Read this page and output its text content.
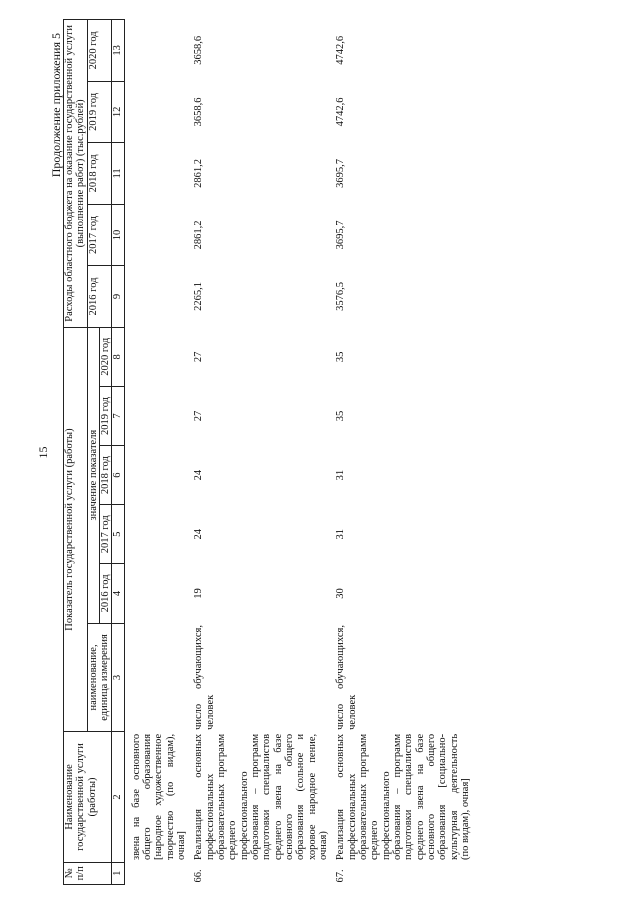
15
Продолжение приложения 5
№ п/п	Наименование государственной услуги (работы)	Показатель государственной услуги (работы)						Расходы областного бюджета на оказание государственной услуги (выполнение работ) (тыс.рублей)				
		наименование, единица измерения	значение показателя					2016 год	2017 год	2018 год	2019 год	2020 год
			2016 год	2017 год	2018 год	2019 год	2020 год					
1	2	3	4	5	6	7	8	9	10	11	12	13
	звена на базе основного общего образования [народное художественное творчество (по видам), очная]											
66.	Реализация основных профессиональных образовательных программ среднего профессионального образования – программ подготовки специалистов среднего звена на базе основного общего образования (сольное и хоровое народное пение, очная)	число обучающихся, человек	19	24	24	27	27	2265,1	2861,2	2861,2	3658,6	3658,6
67.	Реализация основных профессиональных образовательных программ среднего профессионального образования – программ подготовки специалистов среднего звена на базе основного общего образования [социально-культурная деятельность (по видам), очная]	число обучающихся, человек	30	31	31	35	35	3576,5	3695,7	3695,7	4742,6	4742,6
